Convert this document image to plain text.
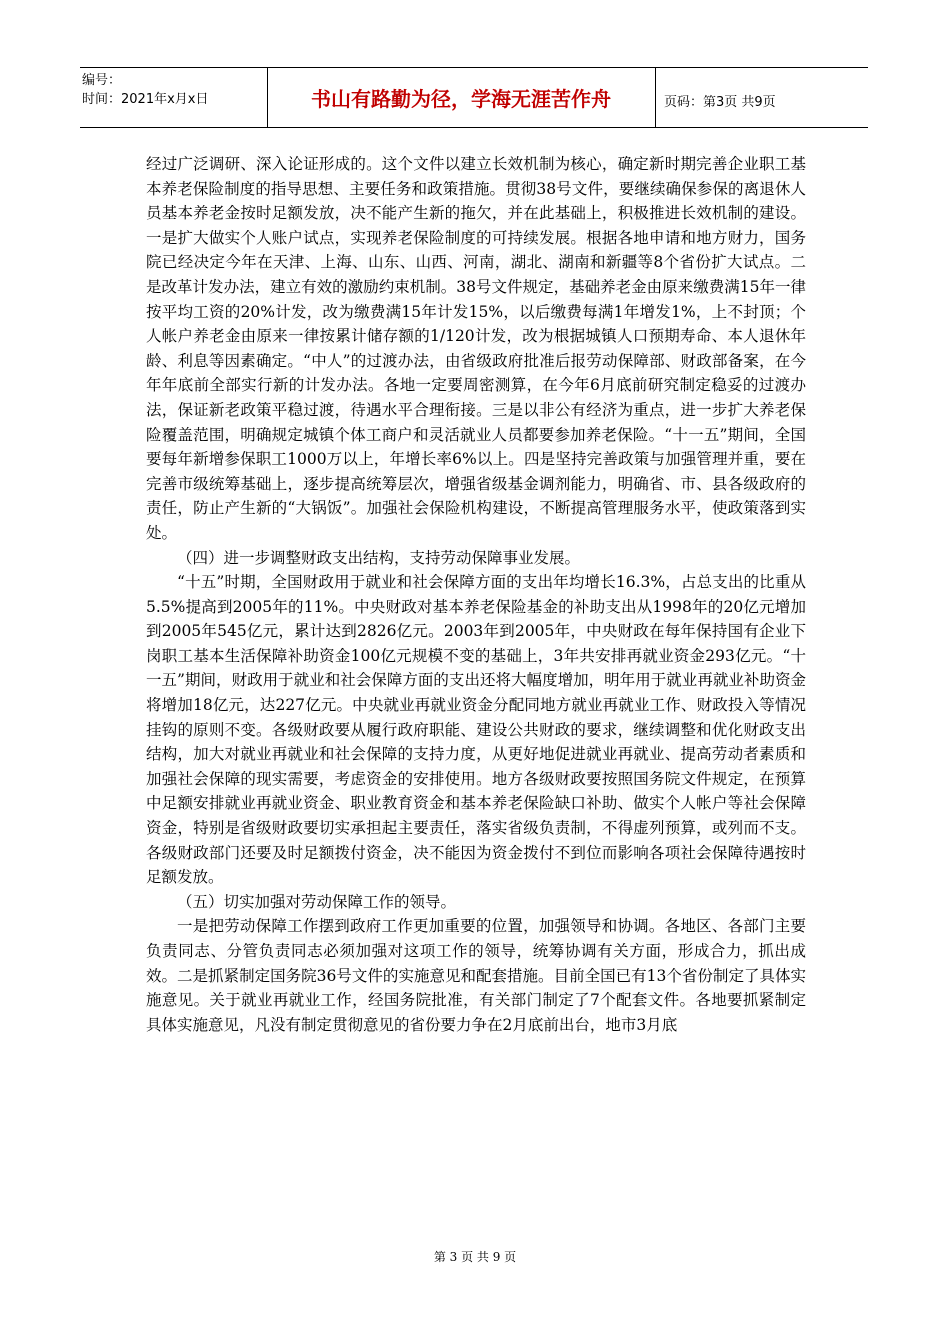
编号：
时间：2021年x月x日	书山有路勤为径，学海无涯苦作舟	页码：第3页 共9页

经过广泛调研、深入论证形成的。这个文件以建立长效机制为核心，确定新时期完善企业职工基本养老保险制度的指导思想、主要任务和政策措施。贯彻38号文件，要继续确保参保的离退休人员基本养老金按时足额发放，决不能产生新的拖欠，并在此基础上，积极推进长效机制的建设。一是扩大做实个人账户试点，实现养老保险制度的可持续发展。根据各地申请和地方财力，国务院已经决定今年在天津、上海、山东、山西、河南，湖北、湖南和新疆等8个省份扩大试点。二是改革计发办法，建立有效的激励约束机制。38号文件规定，基础养老金由原来缴费满15年一律按平均工资的20%计发，改为缴费满15年计发15%，以后缴费每满1年增发1%，上不封顶；个人帐户养老金由原来一律按累计储存额的1/120计发，改为根据城镇人口预期寿命、本人退休年龄、利息等因素确定。“中人”的过渡办法，由省级政府批准后报劳动保障部、财政部备案，在今年年底前全部实行新的计发办法。各地一定要周密测算，在今年6月底前研究制定稳妥的过渡办法，保证新老政策平稳过渡，待遇水平合理衔接。三是以非公有经济为重点，进一步扩大养老保险覆盖范围，明确规定城镇个体工商户和灵活就业人员都要参加养老保险。“十一五”期间，全国要每年新增参保职工1000万以上，年增长率6%以上。四是坚持完善政策与加强管理并重，要在完善市级统筹基础上，逐步提高统筹层次，增强省级基金调剂能力，明确省、市、县各级政府的责任，防止产生新的“大锅饭”。加强社会保险机构建设，不断提高管理服务水平，使政策落到实处。

（四）进一步调整财政支出结构，支持劳动保障事业发展。

“十五”时期，全国财政用于就业和社会保障方面的支出年均增长16.3%，占总支出的比重从5.5%提高到2005年的11%。中央财政对基本养老保险基金的补助支出从1998年的20亿元增加到2005年545亿元，累计达到2826亿元。2003年到2005年，中央财政在每年保持国有企业下岗职工基本生活保障补助资金100亿元规模不变的基础上，3年共安排再就业资金293亿元。“十一五”期间，财政用于就业和社会保障方面的支出还将大幅度增加，明年用于就业再就业补助资金将增加18亿元，达227亿元。中央就业再就业资金分配同地方就业再就业工作、财政投入等情况挂钩的原则不变。各级财政要从履行政府职能、建设公共财政的要求，继续调整和优化财政支出结构，加大对就业再就业和社会保障的支持力度，从更好地促进就业再就业、提高劳动者素质和加强社会保障的现实需要，考虑资金的安排使用。地方各级财政要按照国务院文件规定，在预算中足额安排就业再就业资金、职业教育资金和基本养老保险缺口补助、做实个人帐户等社会保障资金，特别是省级财政要切实承担起主要责任，落实省级负责制，不得虚列预算，或列而不支。各级财政部门还要及时足额拨付资金，决不能因为资金拨付不到位而影响各项社会保障待遇按时足额发放。

（五）切实加强对劳动保障工作的领导。

一是把劳动保障工作摆到政府工作更加重要的位置，加强领导和协调。各地区、各部门主要负责同志、分管负责同志必须加强对这项工作的领导，统筹协调有关方面，形成合力，抓出成效。二是抓紧制定国务院36号文件的实施意见和配套措施。目前全国已有13个省份制定了具体实施意见。关于就业再就业工作，经国务院批准，有关部门制定了7个配套文件。各地要抓紧制定具体实施意见，凡没有制定贯彻意见的省份要力争在2月底前出台，地市3月底

第 3 页 共 9 页
